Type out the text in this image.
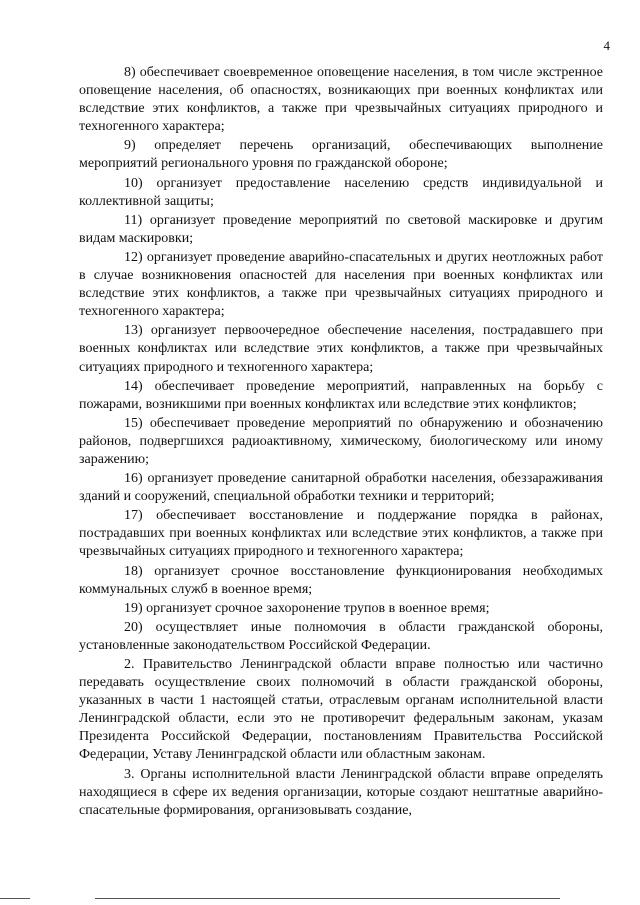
4

8) обеспечивает своевременное оповещение населения, в том числе экстренное оповещение населения, об опасностях, возникающих при военных конфликтах или вследствие этих конфликтов, а также при чрезвычайных ситуациях природного и техногенного характера;

9) определяет перечень организаций, обеспечивающих выполнение мероприятий регионального уровня по гражданской обороне;

10) организует предоставление населению средств индивидуальной и коллективной защиты;

11) организует проведение мероприятий по световой маскировке и другим видам маскировки;

12) организует проведение аварийно-спасательных и других неотложных работ в случае возникновения опасностей для населения при военных конфликтах или вследствие этих конфликтов, а также при чрезвычайных ситуациях природного и техногенного характера;

13) организует первоочередное обеспечение населения, пострадавшего при военных конфликтах или вследствие этих конфликтов, а также при чрезвычайных ситуациях природного и техногенного характера;

14) обеспечивает проведение мероприятий, направленных на борьбу с пожарами, возникшими при военных конфликтах или вследствие этих конфликтов;

15) обеспечивает проведение мероприятий по обнаружению и обозначению районов, подвергшихся радиоактивному, химическому, биологическому или иному заражению;

16) организует проведение санитарной обработки населения, обеззараживания зданий и сооружений, специальной обработки техники и территорий;

17) обеспечивает восстановление и поддержание порядка в районах, пострадавших при военных конфликтах или вследствие этих конфликтов, а также при чрезвычайных ситуациях природного и техногенного характера;

18) организует срочное восстановление функционирования необходимых коммунальных служб в военное время;

19) организует срочное захоронение трупов в военное время;

20) осуществляет иные полномочия в области гражданской обороны, установленные законодательством Российской Федерации.

2. Правительство Ленинградской области вправе полностью или частично передавать осуществление своих полномочий в области гражданской обороны, указанных в части 1 настоящей статьи, отраслевым органам исполнительной власти Ленинградской области, если это не противоречит федеральным законам, указам Президента Российской Федерации, постановлениям Правительства Российской Федерации, Уставу Ленинградской области или областным законам.

3. Органы исполнительной власти Ленинградской области вправе определять находящиеся в сфере их ведения организации, которые создают нештатные аварийно-спасательные формирования, организовывать создание,
